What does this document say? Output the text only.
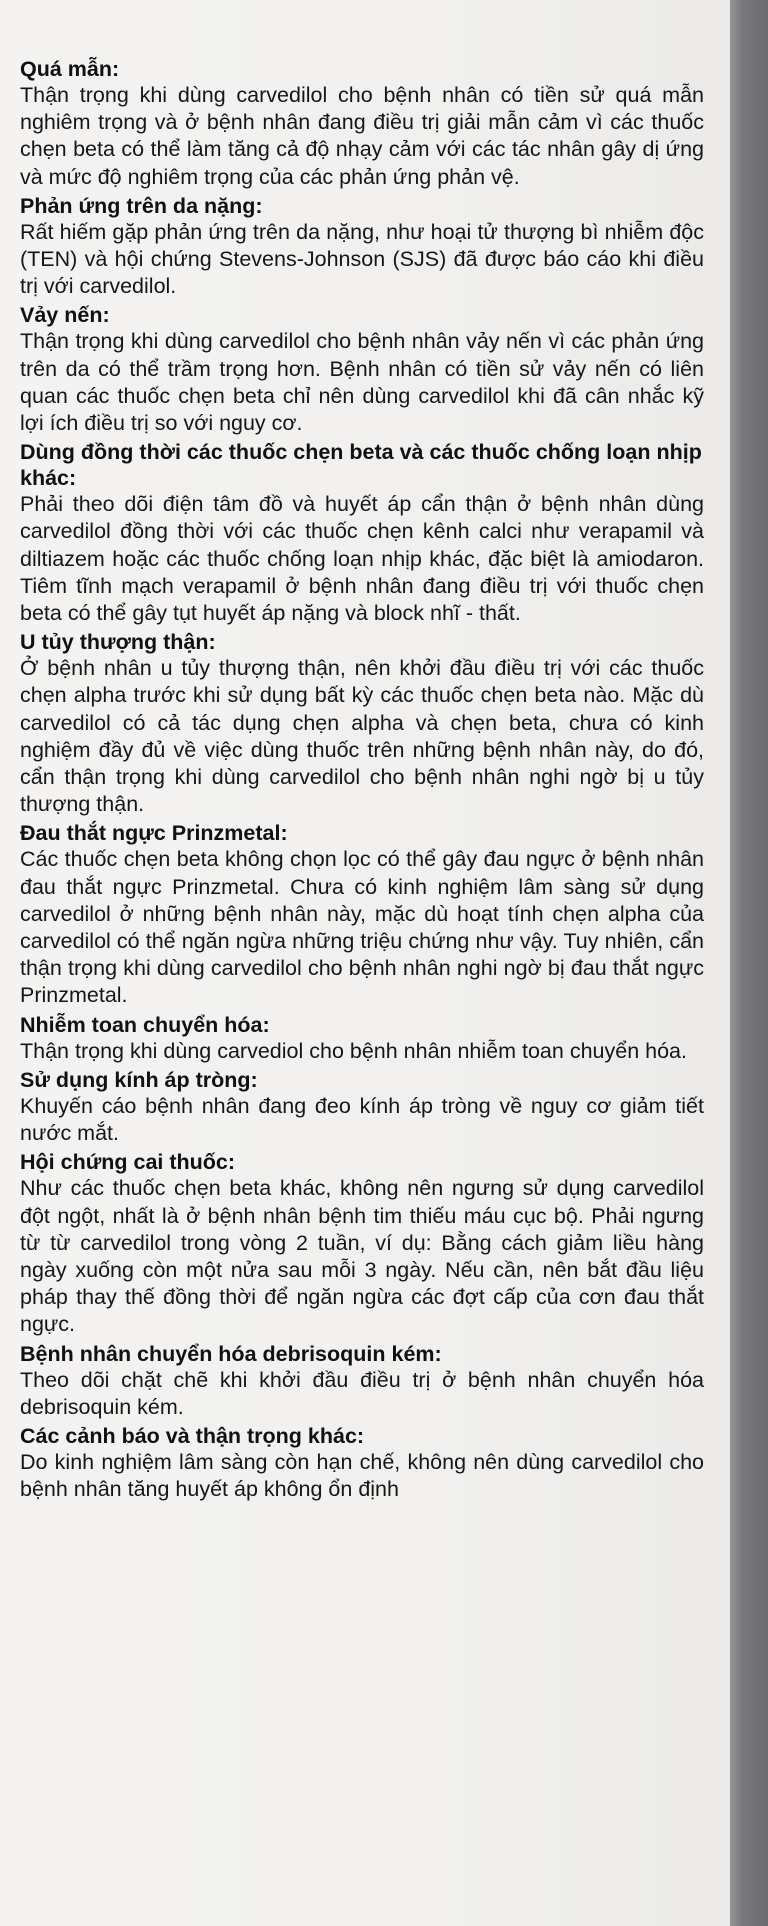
Quá mẫn:

Thận trọng khi dùng carvedilol cho bệnh nhân có tiền sử quá mẫn nghiêm trọng và ở bệnh nhân đang điều trị giải mẫn cảm vì các thuốc chẹn beta có thể làm tăng cả độ nhạy cảm với các tác nhân gây dị ứng và mức độ nghiêm trọng của các phản ứng phản vệ.

Phản ứng trên da nặng:

Rất hiếm gặp phản ứng trên da nặng, như hoại tử thượng bì nhiễm độc (TEN) và hội chứng Stevens-Johnson (SJS) đã được báo cáo khi điều trị với carvedilol.

Vảy nến:

Thận trọng khi dùng carvedilol cho bệnh nhân vảy nến vì các phản ứng trên da có thể trầm trọng hơn. Bệnh nhân có tiền sử vảy nến có liên quan các thuốc chẹn beta chỉ nên dùng carvedilol khi đã cân nhắc kỹ lợi ích điều trị so với nguy cơ.

Dùng đồng thời các thuốc chẹn beta và các thuốc chống loạn nhịp khác:

Phải theo dõi điện tâm đồ và huyết áp cẩn thận ở bệnh nhân dùng carvedilol đồng thời với các thuốc chẹn kênh calci như verapamil và diltiazem hoặc các thuốc chống loạn nhịp khác, đặc biệt là amiodaron. Tiêm tĩnh mạch verapamil ở bệnh nhân đang điều trị với thuốc chẹn beta có thể gây tụt huyết áp nặng và block nhĩ - thất.

U tủy thượng thận:

Ở bệnh nhân u tủy thượng thận, nên khởi đầu điều trị với các thuốc chẹn alpha trước khi sử dụng bất kỳ các thuốc chẹn beta nào. Mặc dù carvedilol có cả tác dụng chẹn alpha và chẹn beta, chưa có kinh nghiệm đầy đủ về việc dùng thuốc trên những bệnh nhân này, do đó, cẩn thận trọng khi dùng carvedilol cho bệnh nhân nghi ngờ bị u tủy thượng thận.

Đau thắt ngực Prinzmetal:

Các thuốc chẹn beta không chọn lọc có thể gây đau ngực ở bệnh nhân đau thắt ngực Prinzmetal. Chưa có kinh nghiệm lâm sàng sử dụng carvedilol ở những bệnh nhân này, mặc dù hoạt tính chẹn alpha của carvedilol có thể ngăn ngừa những triệu chứng như vậy. Tuy nhiên, cẩn thận trọng khi dùng carvedilol cho bệnh nhân nghi ngờ bị đau thắt ngực Prinzmetal.

Nhiễm toan chuyển hóa:

Thận trọng khi dùng carvediol cho bệnh nhân nhiễm toan chuyển hóa.

Sử dụng kính áp tròng:

Khuyến cáo bệnh nhân đang đeo kính áp tròng về nguy cơ giảm tiết nước mắt.

Hội chứng cai thuốc:

Như các thuốc chẹn beta khác, không nên ngưng sử dụng carvedilol đột ngột, nhất là ở bệnh nhân bệnh tim thiếu máu cục bộ. Phải ngưng từ từ carvedilol trong vòng 2 tuần, ví dụ: Bằng cách giảm liều hàng ngày xuống còn một nửa sau mỗi 3 ngày. Nếu cần, nên bắt đầu liệu pháp thay thế đồng thời để ngăn ngừa các đợt cấp của cơn đau thắt ngực.

Bệnh nhân chuyển hóa debrisoquin kém:

Theo dõi chặt chẽ khi khởi đầu điều trị ở bệnh nhân chuyển hóa debrisoquin kém.

Các cảnh báo và thận trọng khác:

Do kinh nghiệm lâm sàng còn hạn chế, không nên dùng carvedilol cho bệnh nhân tăng huyết áp không ổn định
